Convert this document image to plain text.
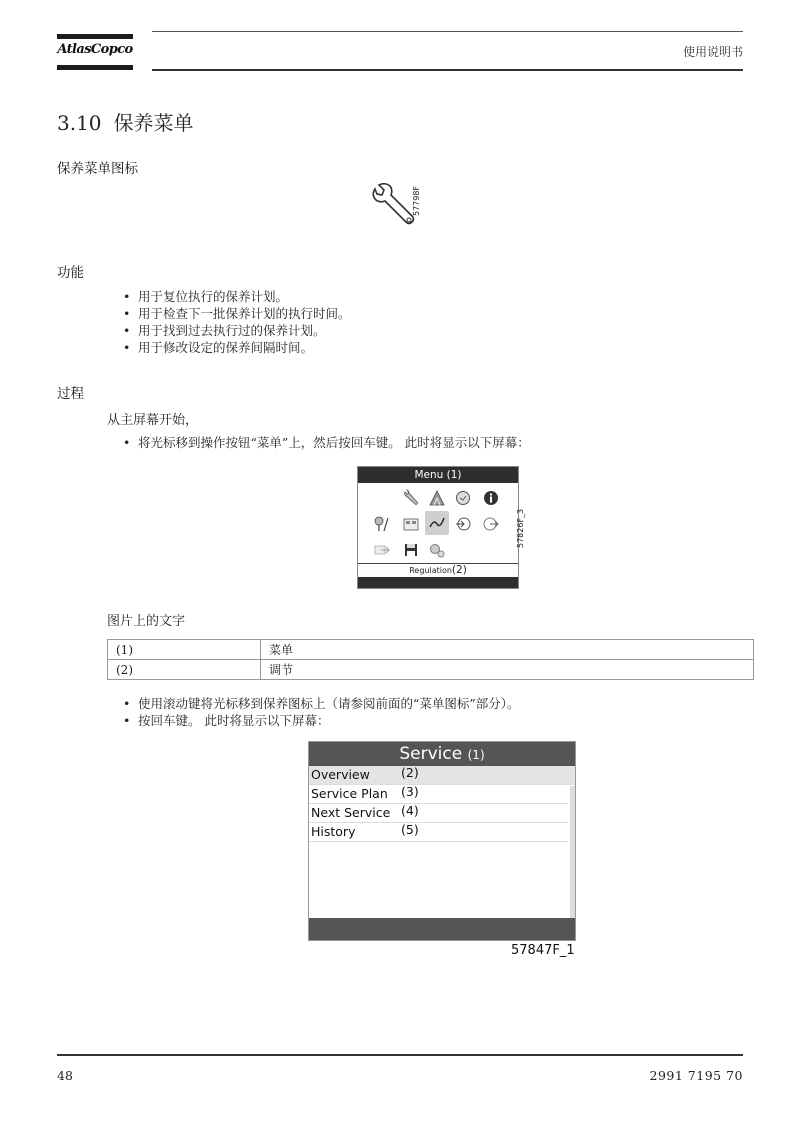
AtlasCopco	使用说明书
3.10 保养菜单
保养菜单图标
57798F
功能
• 用于复位执行的保养计划。
• 用于检查下一批保养计划的执行时间。
• 用于找到过去执行过的保养计划。
• 用于修改设定的保养间隔时间。
过程
从主屏幕开始，
• 将光标移到操作按钮“菜单”上，然后按回车键。 此时将显示以下屏幕：
Menu (1)
Regulation(2)
57826F_3
图片上的文字
(1)	菜单
(2)	调节
• 使用滚动键将光标移到保养图标上（请参阅前面的“菜单图标”部分）。
• 按回车键。 此时将显示以下屏幕：
Service (1)
Overview (2)
Service Plan (3)
Next Service (4)
History	(5)
57847F_1
48	2991 7195 70
